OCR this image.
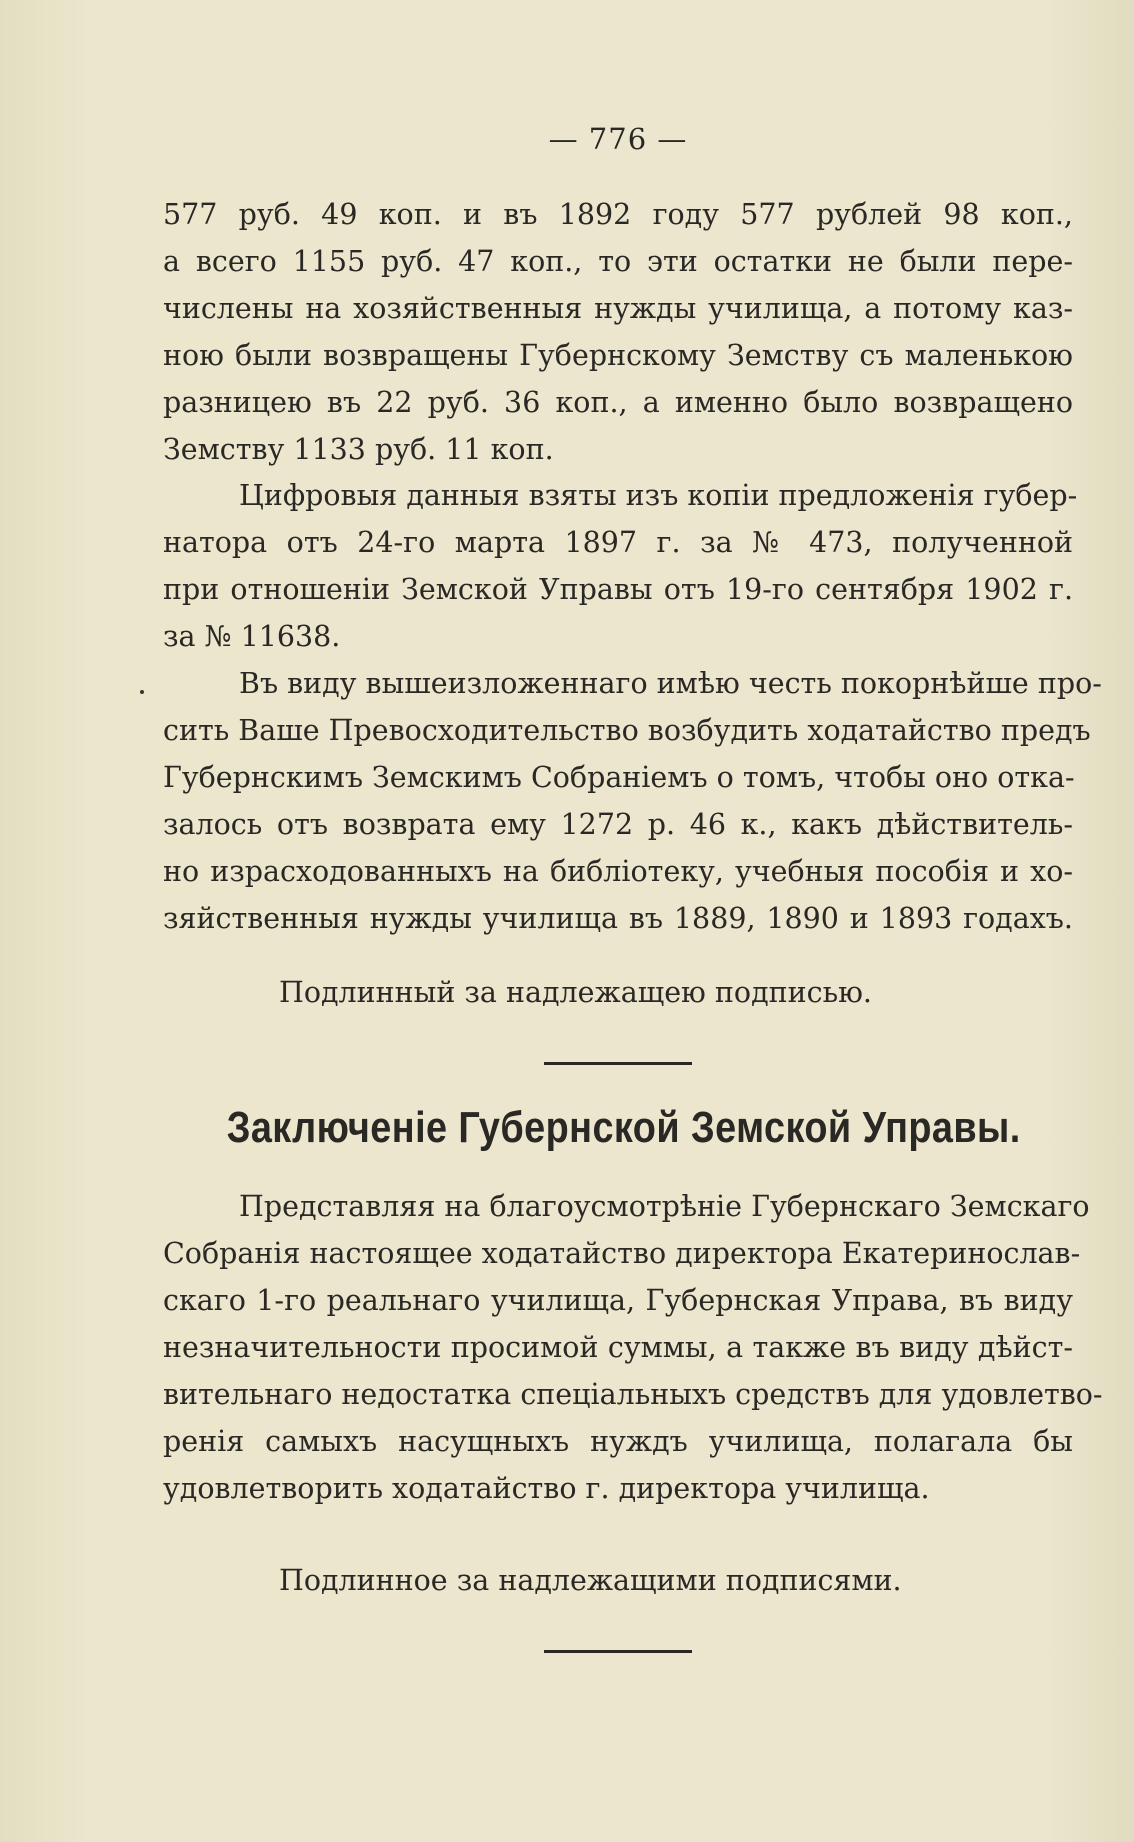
— 776 —
577 руб. 49 коп. и въ 1892 году 577 рублей 98 коп.,
а всего 1155 руб. 47 коп., то эти остатки не были пере-
числены на хозяйственныя нужды училища, а потому каз-
ною были возвращены Губернскому Земству съ маленькою
разницею въ 22 руб. 36 коп., а именно было возвращено
Земству 1133 руб. 11 коп.
Цифровыя данныя взяты изъ копіи предложенія губер-
натора отъ 24-го марта 1897 г. за № 473, полученной
при отношеніи Земской Управы отъ 19-го сентября 1902 г.
за № 11638.
Въ виду вышеизложеннаго имѣю честь покорнѣйше про-
сить Ваше Превосходительство возбудить ходатайство предъ
Губернскимъ Земскимъ Собраніемъ о томъ, чтобы оно отка-
залось отъ возврата ему 1272 р. 46 к., какъ дѣйствитель-
но израсходованныхъ на библіотеку, учебныя пособія и хо-
зяйственныя нужды училища въ 1889, 1890 и 1893 годахъ.
Подлинный за надлежащею подписью.
Заключеніе Губернской Земской Управы.
Представляя на благоусмотрѣніе Губернскаго Земскаго
Собранія настоящее ходатайство директора Екатеринослав-
скаго 1-го реальнаго училища, Губернская Управа, въ виду
незначительности просимой суммы, а также въ виду дѣйст-
вительнаго недостатка спеціальныхъ средствъ для удовлетво-
ренія самыхъ насущныхъ нуждъ училища, полагала бы
удовлетворить ходатайство г. директора училища.
Подлинное за надлежащими подписями.
